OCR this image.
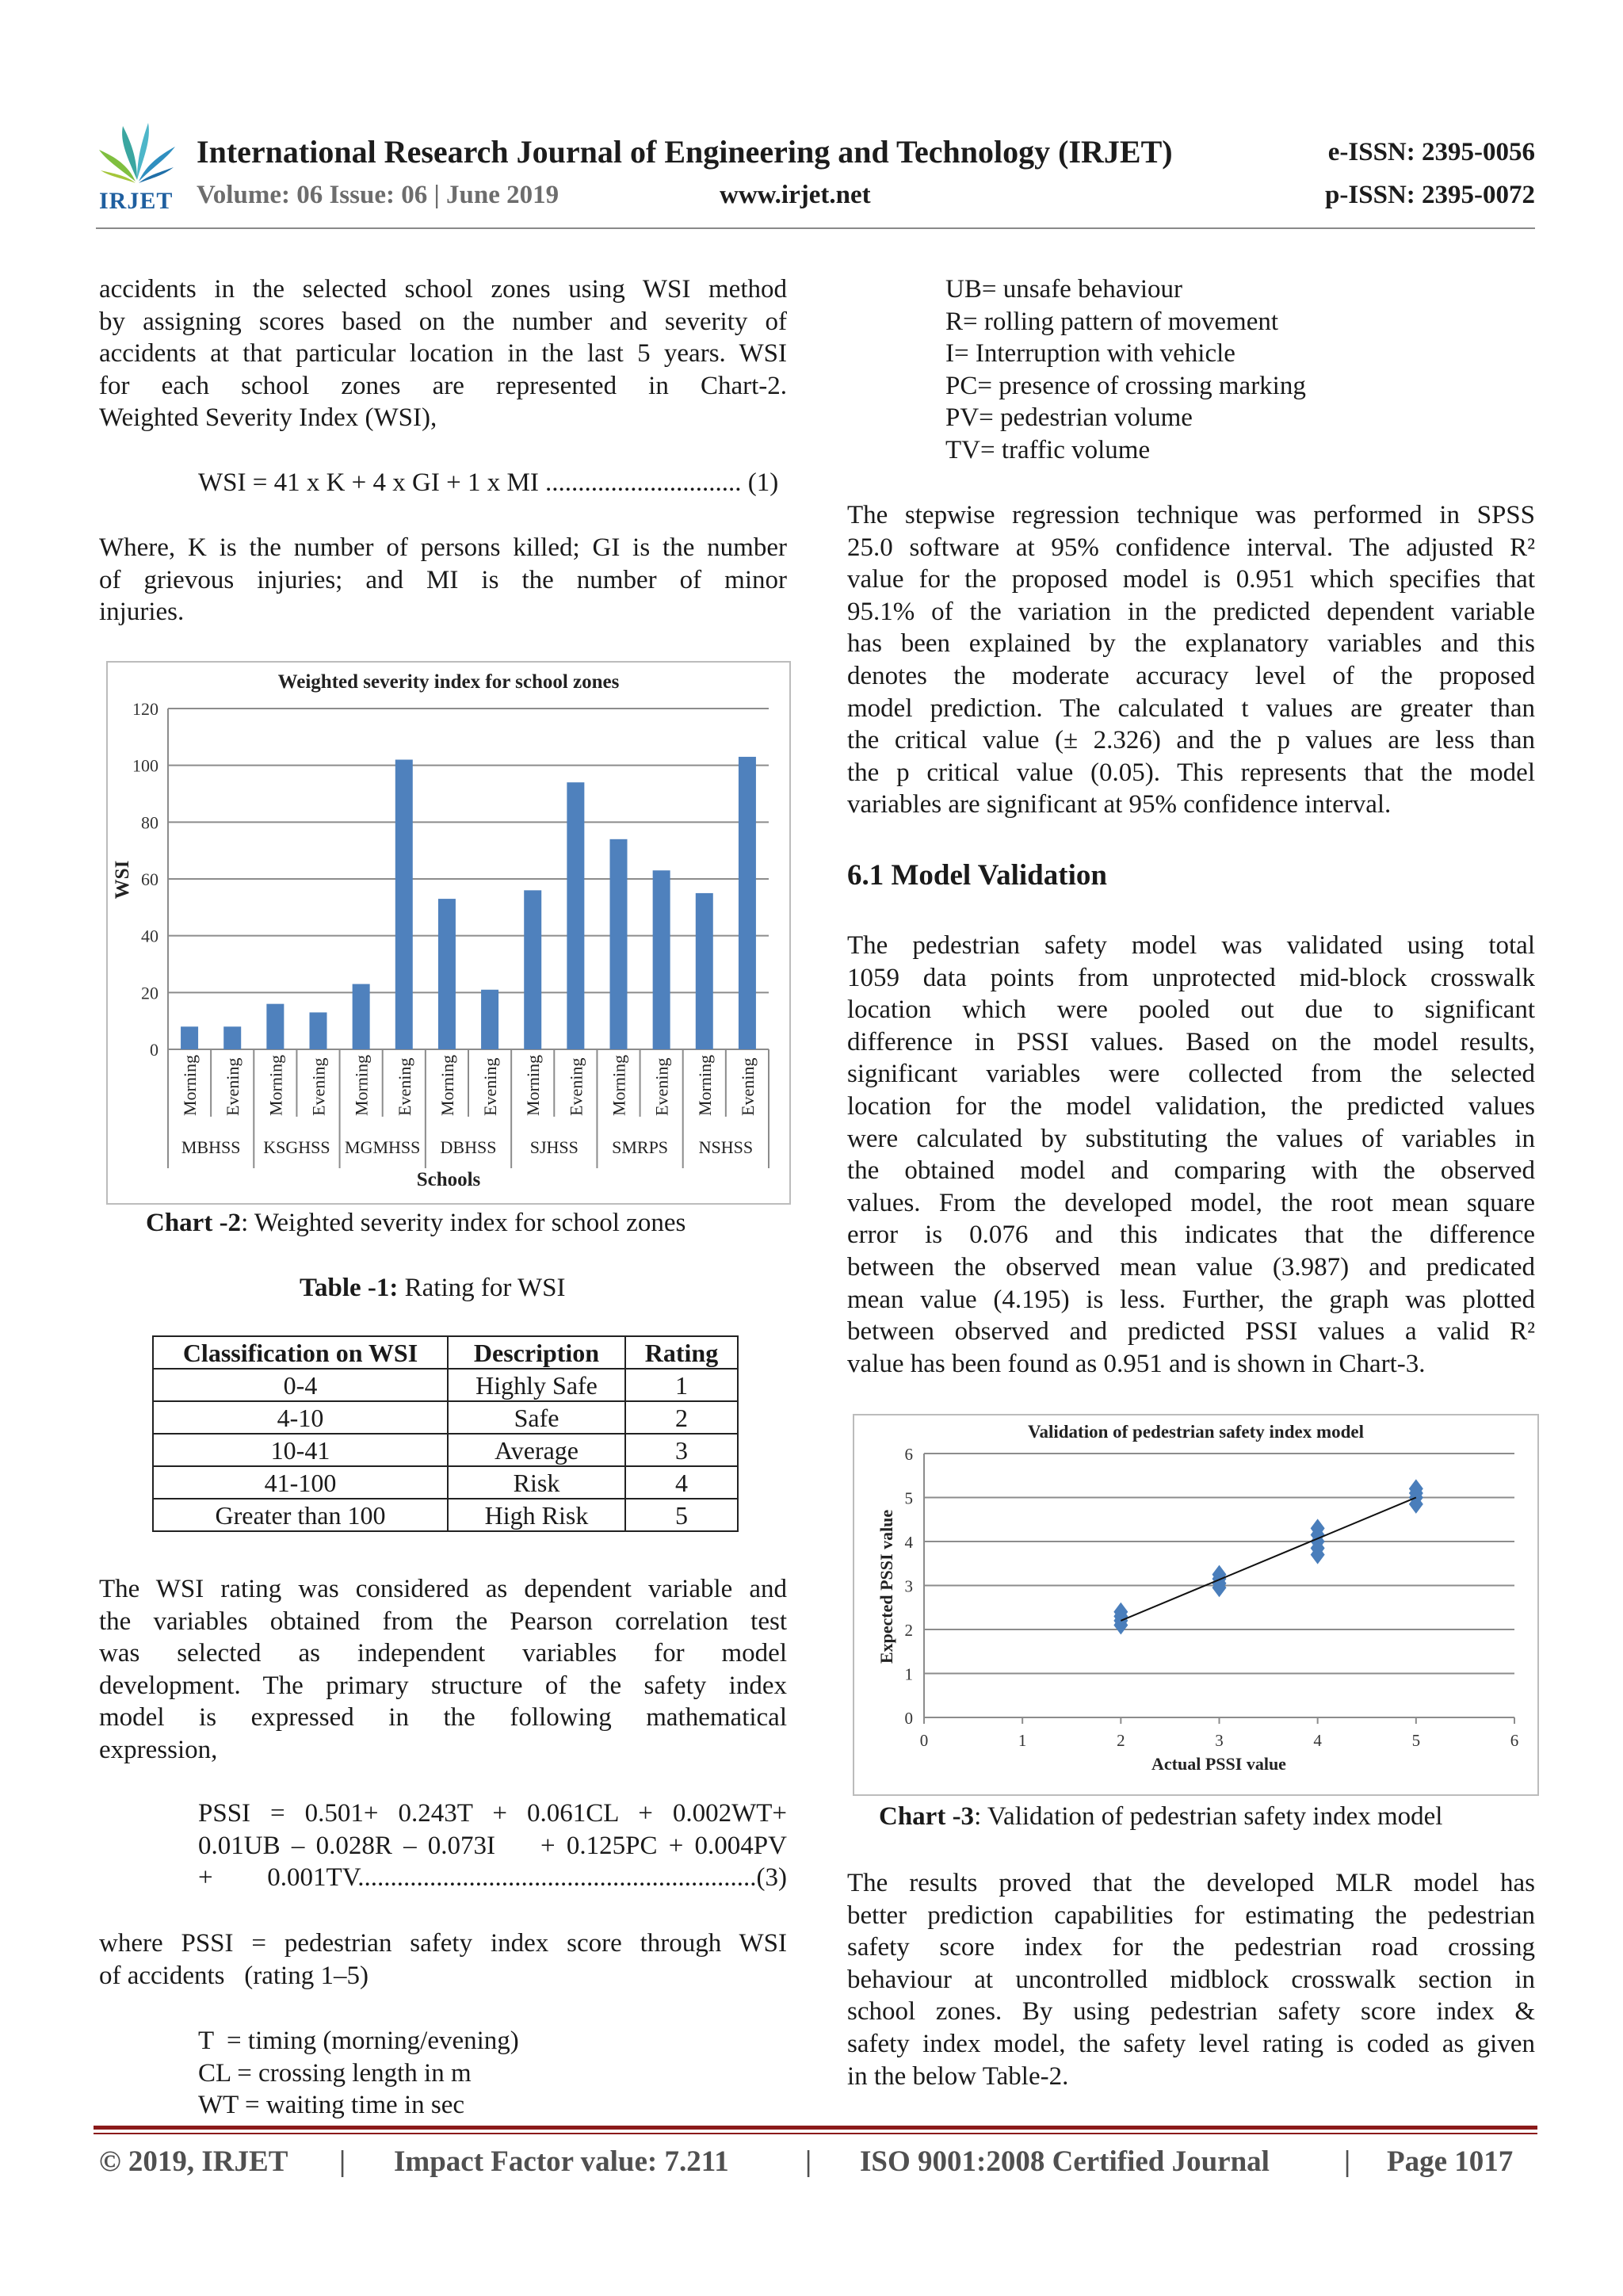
IRJET
International Research Journal of Engineering and Technology (IRJET)
Volume: 06 Issue: 06 | June 2019	www.irjet.net
e-ISSN: 2395-0056
p-ISSN: 2395-0072
accidents in the selected school zones using WSI method
by assigning scores based on the number and severity of
accidents at that particular location in the last 5 years. WSI
for each school zones are represented in Chart-2.
Weighted Severity Index (WSI),
WSI = 41 x K + 4 x GI + 1 x MI .............................. (1)
Where, K is the number of persons killed; GI is the number
of grievous injuries; and MI is the number of minor
injuries.
Weighted severity index for school zones
0
20
40
60
80
100
120
Morning Evening Morning Evening Morning Evening Morning Evening Morning Evening Morning Evening Morning Evening
MBHSS KSGHSS MGMHSS DBHSS SJHSS SMRPS NSHSS
Schools
WSI
Chart -2: Weighted severity index for school zones
Table -1: Rating for WSI
Classification on WSI	Description	Rating
0-4	Highly Safe	1
4-10	Safe	2
10-41	Average	3
41-100	Risk	4
Greater than 100	High Risk	5
The WSI rating was considered as dependent variable and
the variables obtained from the Pearson correlation test
was selected as independent variables for model
development. The primary structure of the safety index
model is expressed in the following mathematical
expression,
PSSI = 0.501+ 0.243T + 0.061CL + 0.002WT+
0.01UB – 0.028R – 0.073I    + 0.125PC + 0.004PV
+ 0.001TV.............................................................(3)
where PSSI = pedestrian safety index score through WSI
of accidents   (rating 1–5)
T  = timing (morning/evening)
CL = crossing length in m
WT = waiting time in sec
UB= unsafe behaviour
R= rolling pattern of movement
I= Interruption with vehicle
PC= presence of crossing marking
PV= pedestrian volume
TV= traffic volume
The stepwise regression technique was performed in SPSS
25.0 software at 95% confidence interval. The adjusted R²
value for the proposed model is 0.951 which specifies that
95.1% of the variation in the predicted dependent variable
has been explained by the explanatory variables and this
denotes the moderate accuracy level of the proposed
model prediction. The calculated t values are greater than
the critical value (± 2.326) and the p values are less than
the p critical value (0.05). This represents that the model
variables are significant at 95% confidence interval.
6.1 Model Validation
The pedestrian safety model was validated using total
1059 data points from unprotected mid-block crosswalk
location which were pooled out due to significant
difference in PSSI values. Based on the model results,
significant variables were collected from the selected
location for the model validation, the predicted values
were calculated by substituting the values of variables in
the obtained model and comparing with the observed
values. From the developed model, the root mean square
error is 0.076 and this indicates that the difference
between the observed mean value (3.987) and predicated
mean value (4.195) is less. Further, the graph was plotted
between observed and predicted PSSI values a valid R²
value has been found as 0.951 and is shown in Chart-3.
Validation of pedestrian safety index model
0
1
2
3
4
5
6
0	1	2	3	4	5	6
Actual PSSI value
Expected PSSI value
Chart -3: Validation of pedestrian safety index model
The results proved that the developed MLR model has
better prediction capabilities for estimating the pedestrian
safety score index for the pedestrian road crossing
behaviour at uncontrolled midblock crosswalk section in
school zones. By using pedestrian safety score index &
safety index model, the safety level rating is coded as given
in the below Table-2.
© 2019, IRJET | Impact Factor value: 7.211	| ISO 9001:2008 Certified Journal	| Page 1017
